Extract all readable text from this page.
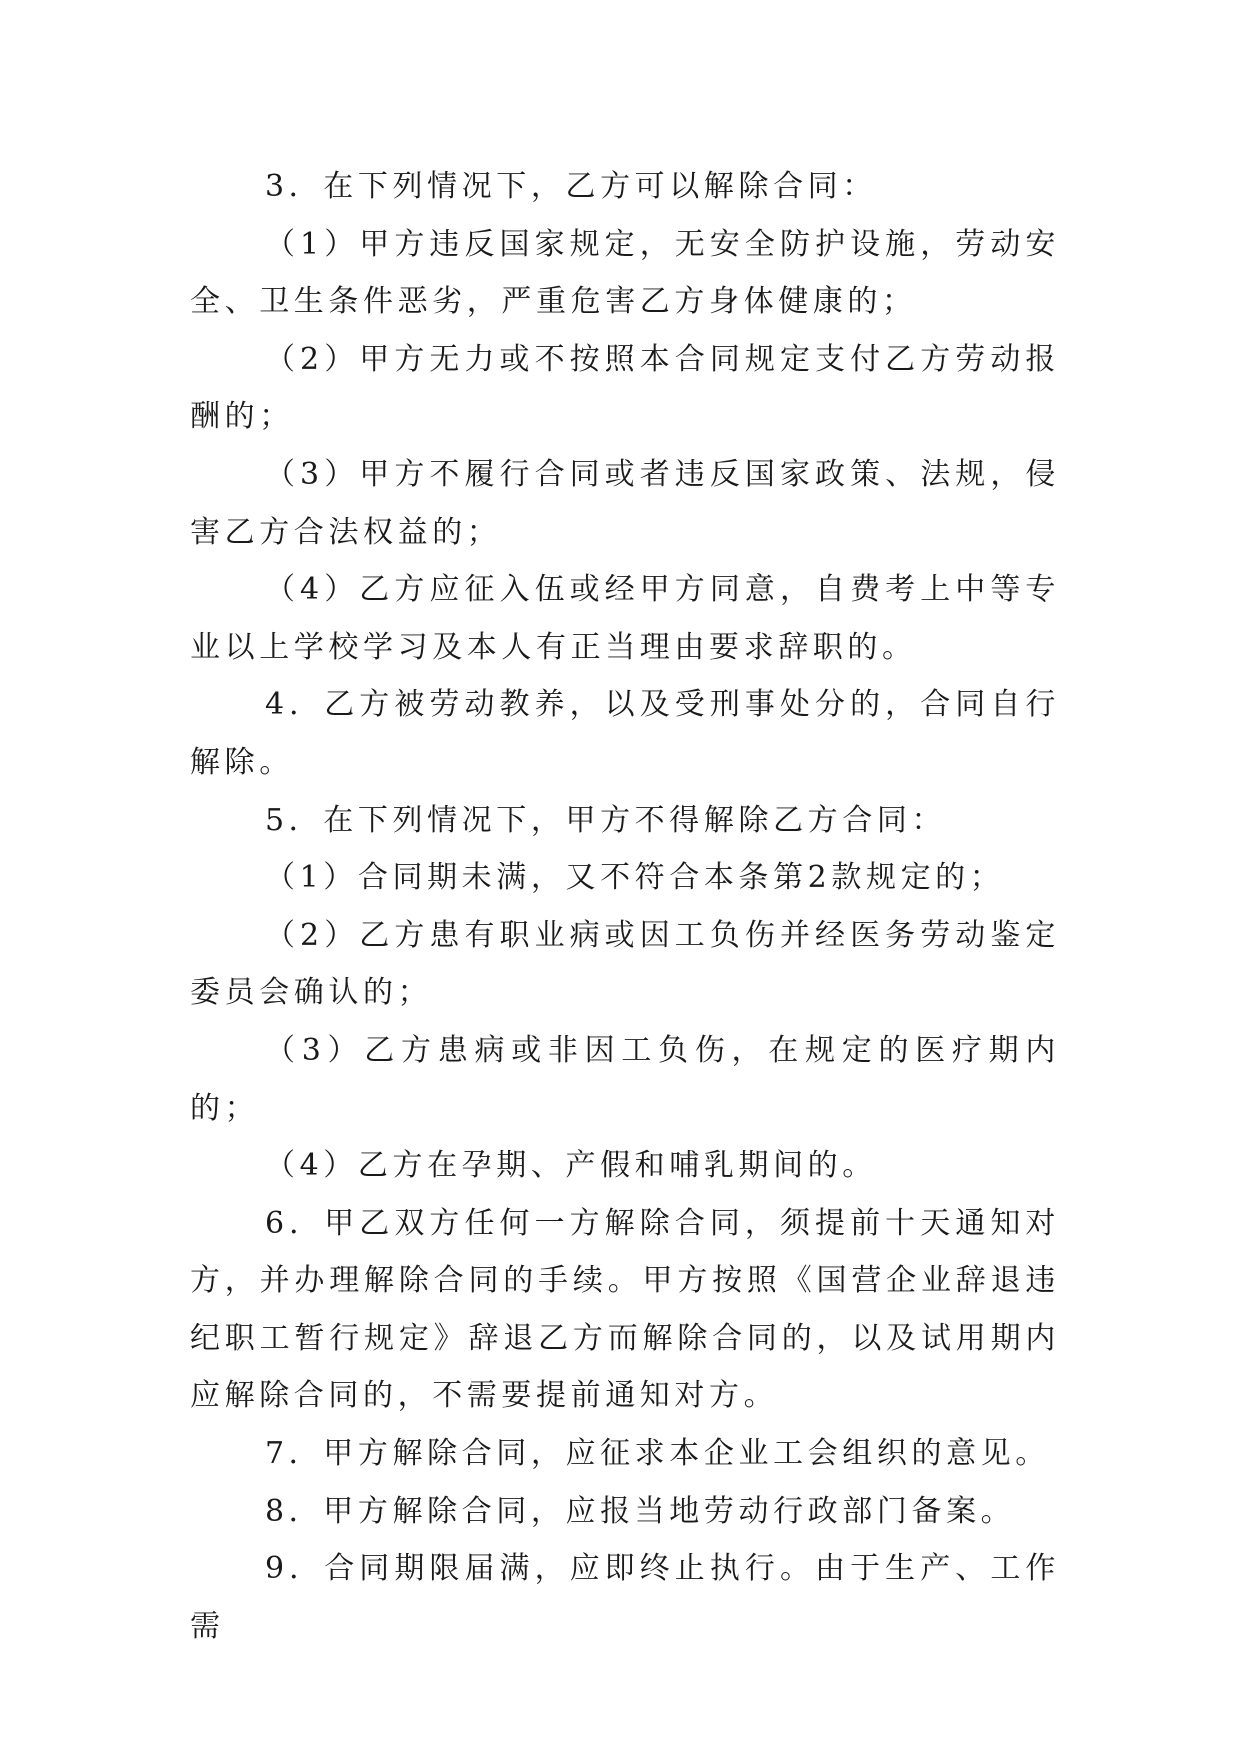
3．在下列情况下，乙方可以解除合同：

（1）甲方违反国家规定，无安全防护设施，劳动安全、卫生条件恶劣，严重危害乙方身体健康的；

（2）甲方无力或不按照本合同规定支付乙方劳动报酬的；

（3）甲方不履行合同或者违反国家政策、法规，侵害乙方合法权益的；

（4）乙方应征入伍或经甲方同意，自费考上中等专业以上学校学习及本人有正当理由要求辞职的。

4．乙方被劳动教养，以及受刑事处分的，合同自行解除。

5．在下列情况下，甲方不得解除乙方合同：

（1）合同期未满，又不符合本条第2款规定的；

（2）乙方患有职业病或因工负伤并经医务劳动鉴定委员会确认的；

（3）乙方患病或非因工负伤，在规定的医疗期内的；

（4）乙方在孕期、产假和哺乳期间的。

6．甲乙双方任何一方解除合同，须提前十天通知对方，并办理解除合同的手续。甲方按照《国营企业辞退违纪职工暂行规定》辞退乙方而解除合同的，以及试用期内应解除合同的，不需要提前通知对方。

7．甲方解除合同，应征求本企业工会组织的意见。

8．甲方解除合同，应报当地劳动行政部门备案。

9．合同期限届满，应即终止执行。由于生产、工作需
